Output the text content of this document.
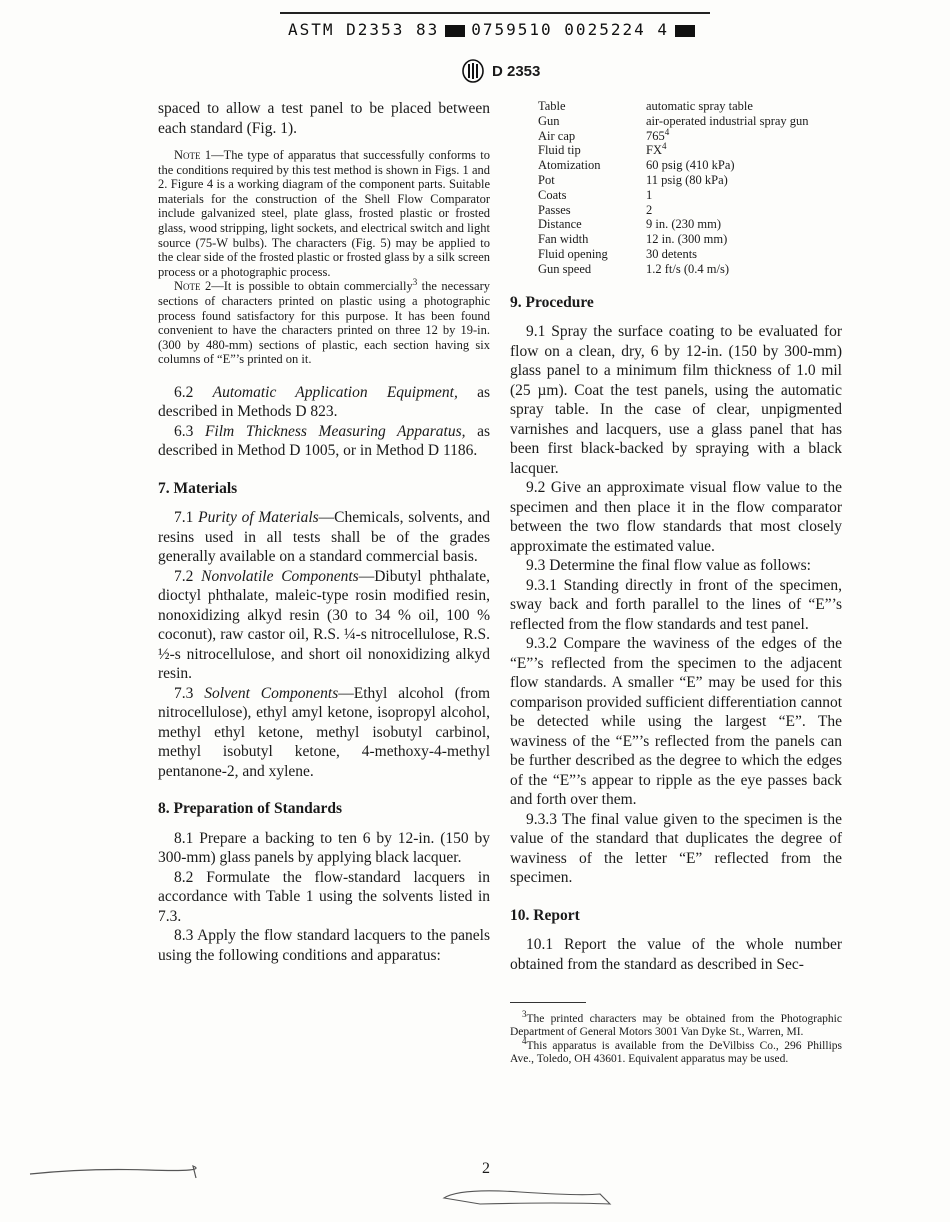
ASTM D2353 83 0759510 0025224 4
D 2353

spaced to allow a test panel to be placed between each standard (Fig. 1).

Note 1—The type of apparatus that successfully conforms to the conditions required by this test method is shown in Figs. 1 and 2. Figure 4 is a working diagram of the component parts. Suitable materials for the construction of the Shell Flow Comparator include galvanized steel, plate glass, frosted plastic or frosted glass, wood stripping, light sockets, and electrical switch and light source (75-W bulbs). The characters (Fig. 5) may be applied to the clear side of the frosted plastic or frosted glass by a silk screen process or a photographic process.

Note 2—It is possible to obtain commercially$^3$ the necessary sections of characters printed on plastic using a photographic process found satisfactory for this purpose. It has been found convenient to have the characters printed on three 12 by 19-in. (300 by 480-mm) sections of plastic, each section having six columns of “E”’s printed on it.

6.2 Automatic Application Equipment, as described in Methods D 823.

6.3 Film Thickness Measuring Apparatus, as described in Method D 1005, or in Method D 1186.

7. Materials

7.1 Purity of Materials—Chemicals, solvents, and resins used in all tests shall be of the grades generally available on a standard commercial basis.

7.2 Nonvolatile Components—Dibutyl phthalate, dioctyl phthalate, maleic-type rosin modified resin, nonoxidizing alkyd resin (30 to 34 % oil, 100 % coconut), raw castor oil, R.S. ¼-s nitrocellulose, R.S. ½-s nitrocellulose, and short oil nonoxidizing alkyd resin.

7.3 Solvent Components—Ethyl alcohol (from nitrocellulose), ethyl amyl ketone, isopropyl alcohol, methyl ethyl ketone, methyl isobutyl carbinol, methyl isobutyl ketone, 4-methoxy-4-methyl pentanone-2, and xylene.

8. Preparation of Standards

8.1 Prepare a backing to ten 6 by 12-in. (150 by 300-mm) glass panels by applying black lacquer.

8.2 Formulate the flow-standard lacquers in accordance with Table 1 using the solvents listed in 7.3.

8.3 Apply the flow standard lacquers to the panels using the following conditions and apparatus:

Table	automatic spray table
Gun	air-operated industrial spray gun
Air cap	$765^4$
Fluid tip	$FX^4$
Atomization	60 psig (410 kPa)
Pot	11 psig (80 kPa)
Coats	1
Passes	2
Distance	9 in. (230 mm)
Fan width	12 in. (300 mm)
Fluid opening	30 detents
Gun speed	1.2 ft/s (0.4 m/s)

9. Procedure

9.1 Spray the surface coating to be evaluated for flow on a clean, dry, 6 by 12-in. (150 by 300-mm) glass panel to a minimum film thickness of 1.0 mil (25 µm). Coat the test panels, using the automatic spray table. In the case of clear, unpigmented varnishes and lacquers, use a glass panel that has been first black-backed by spraying with a black lacquer.

9.2 Give an approximate visual flow value to the specimen and then place it in the flow comparator between the two flow standards that most closely approximate the estimated value.

9.3 Determine the final flow value as follows:

9.3.1 Standing directly in front of the specimen, sway back and forth parallel to the lines of “E”’s reflected from the flow standards and test panel.

9.3.2 Compare the waviness of the edges of the “E”’s reflected from the specimen to the adjacent flow standards. A smaller “E” may be used for this comparison provided sufficient differentiation cannot be detected while using the largest “E”. The waviness of the “E”’s reflected from the panels can be further described as the degree to which the edges of the “E”’s appear to ripple as the eye passes back and forth over them.

9.3.3 The final value given to the specimen is the value of the standard that duplicates the degree of waviness of the letter “E” reflected from the specimen.

10. Report

10.1 Report the value of the whole number obtained from the standard as described in Sec-

$^3$The printed characters may be obtained from the Photographic Department of General Motors 3001 Van Dyke St., Warren, MI.

$^4$This apparatus is available from the DeVilbiss Co., 296 Phillips Ave., Toledo, OH 43601. Equivalent apparatus may be used.

2
